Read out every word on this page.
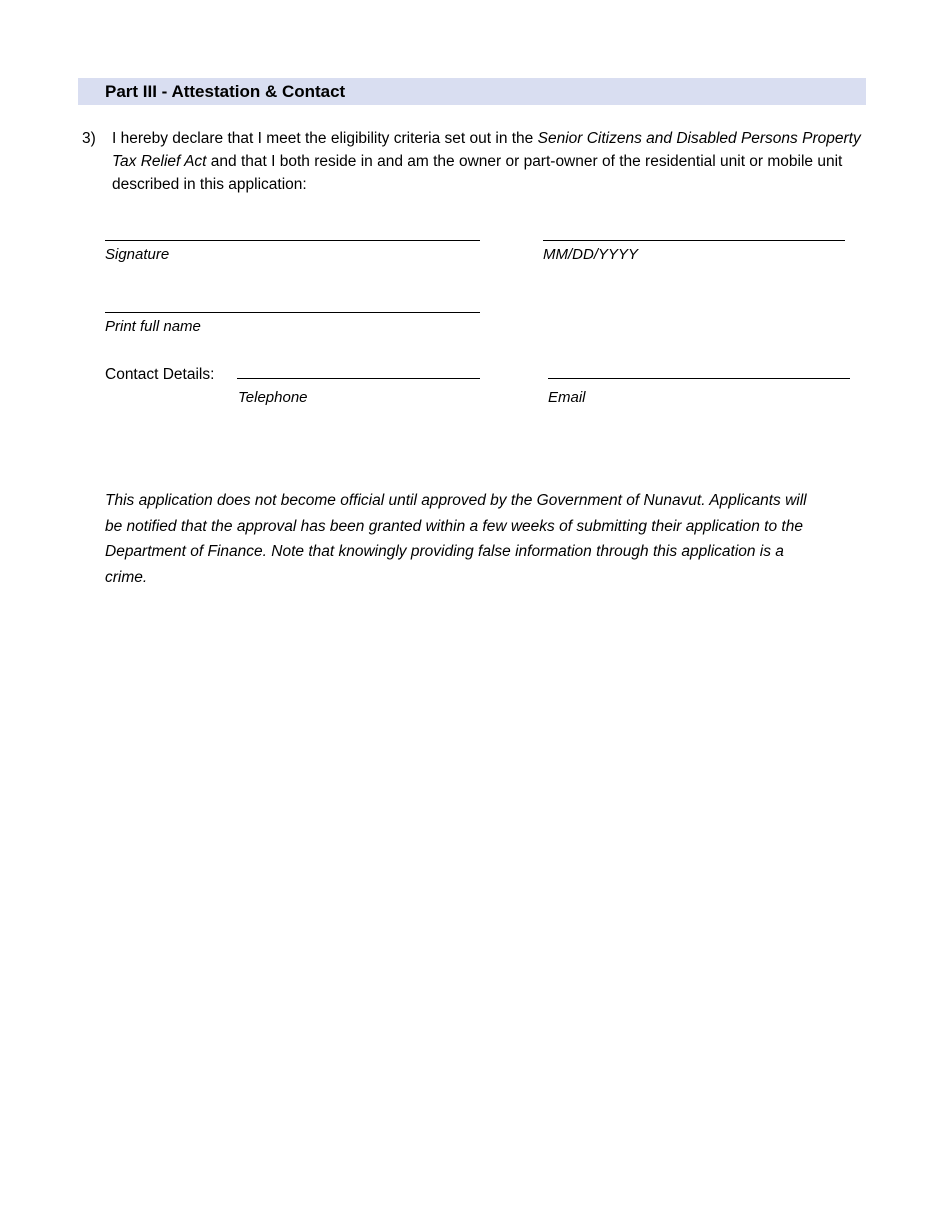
Part III - Attestation & Contact
3)	I hereby declare that I meet the eligibility criteria set out in the Senior Citizens and Disabled Persons Property Tax Relief Act and that I both reside in and am the owner or part-owner of the residential unit or mobile unit described in this application:

Signature	MM/DD/YYYY
Print full name
Contact Details:
Telephone	Email

This application does not become official until approved by the Government of Nunavut. Applicants will be notified that the approval has been granted within a few weeks of submitting their application to the Department of Finance. Note that knowingly providing false information through this application is a crime.
